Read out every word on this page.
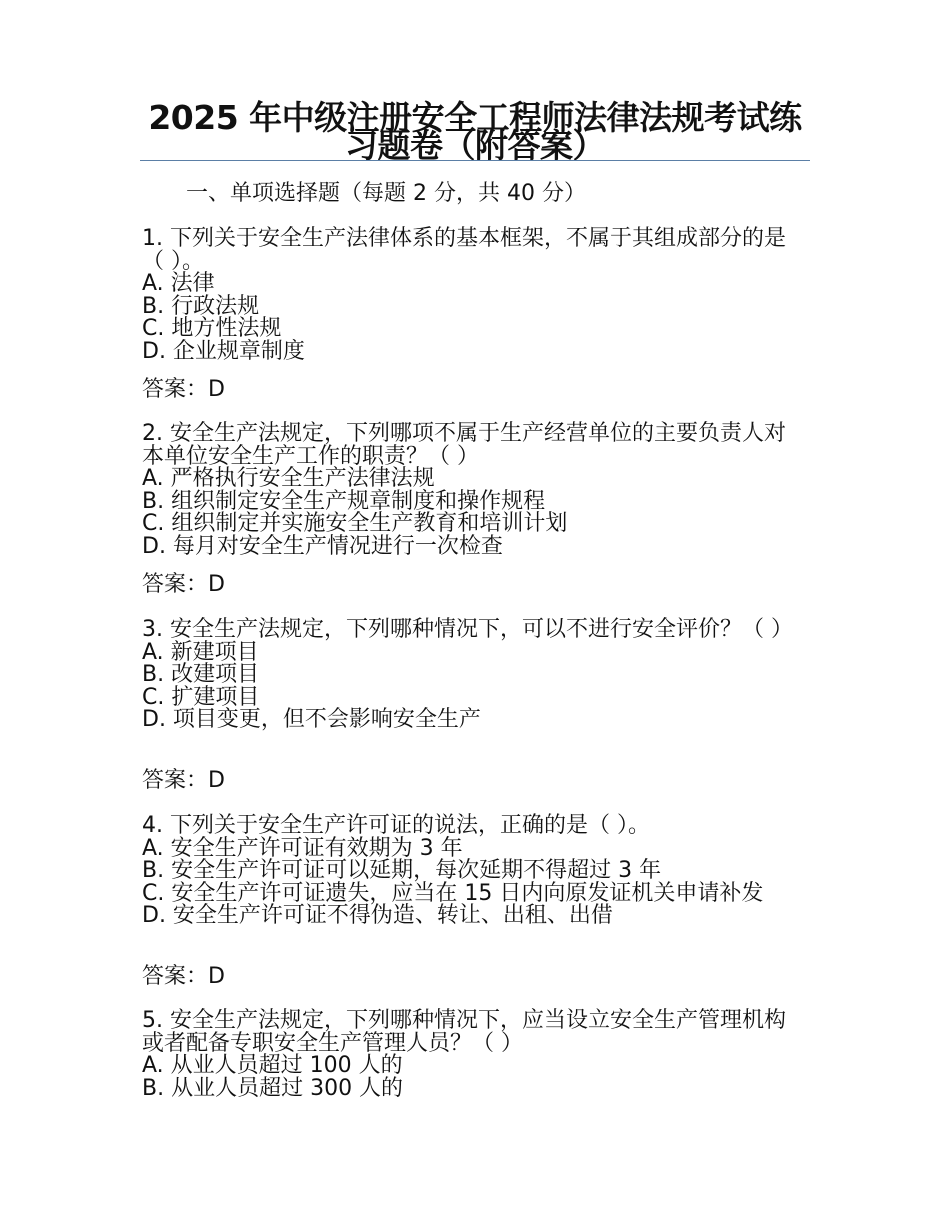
2025 年中级注册安全工程师法律法规考试练习题卷（附答案）
一、单项选择题（每题 2 分，共 40 分）
1. 下列关于安全生产法律体系的基本框架，不属于其组成部分的是（ ）。
A. 法律
B. 行政法规
C. 地方性法规
D. 企业规章制度
答案：D
2. 安全生产法规定，下列哪项不属于生产经营单位的主要负责人对本单位安全生产工作的职责？（ ）
A. 严格执行安全生产法律法规
B. 组织制定安全生产规章制度和操作规程
C. 组织制定并实施安全生产教育和培训计划
D. 每月对安全生产情况进行一次检查
答案：D
3. 安全生产法规定，下列哪种情况下，可以不进行安全评价？（ ）
A. 新建项目
B. 改建项目
C. 扩建项目
D. 项目变更，但不会影响安全生产
答案：D
4. 下列关于安全生产许可证的说法，正确的是（ ）。
A. 安全生产许可证有效期为 3 年
B. 安全生产许可证可以延期，每次延期不得超过 3 年
C. 安全生产许可证遗失，应当在 15 日内向原发证机关申请补发
D. 安全生产许可证不得伪造、转让、出租、出借
答案：D
5. 安全生产法规定，下列哪种情况下，应当设立安全生产管理机构或者配备专职安全生产管理人员？（ ）
A. 从业人员超过 100 人的
B. 从业人员超过 300 人的
